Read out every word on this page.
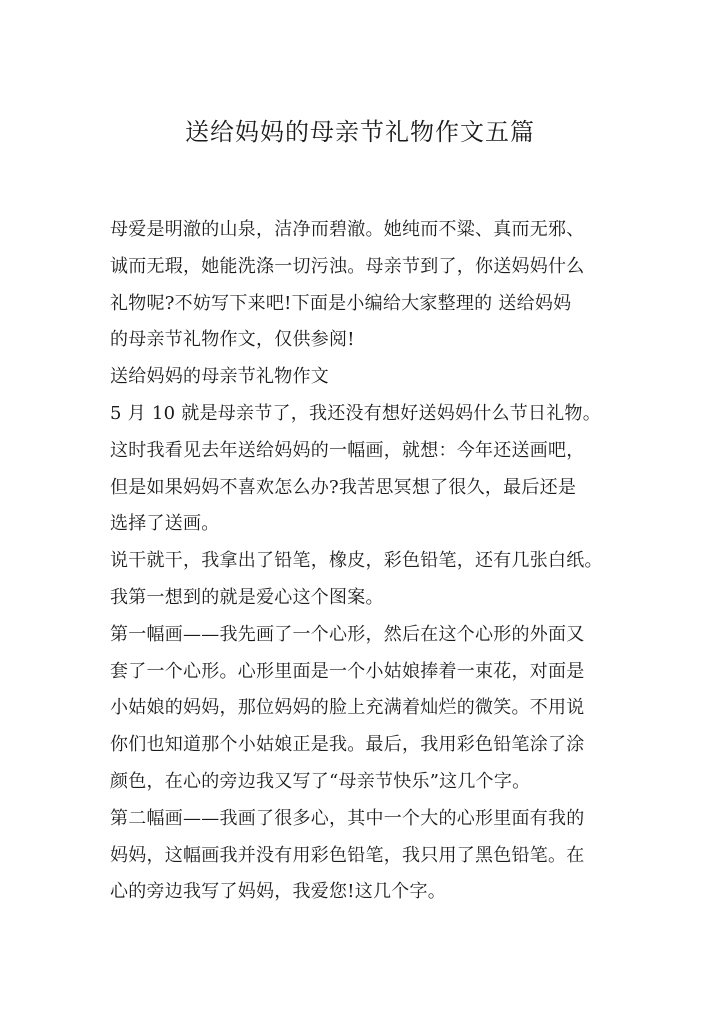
送给妈妈的母亲节礼物作文五篇
母爱是明澈的山泉，洁净而碧澈。她纯而不粱、真而无邪、
诚而无瑕，她能洗涤一切污浊。母亲节到了，你送妈妈什么
礼物呢?不妨写下来吧!下面是小编给大家整理的 送给妈妈
的母亲节礼物作文，仅供参阅!
送给妈妈的母亲节礼物作文
5 月 10 就是母亲节了，我还没有想好送妈妈什么节日礼物。
这时我看见去年送给妈妈的一幅画，就想：今年还送画吧，
但是如果妈妈不喜欢怎么办?我苦思冥想了很久，最后还是
选择了送画。
说干就干，我拿出了铅笔，橡皮，彩色铅笔，还有几张白纸。
我第一想到的就是爱心这个图案。
第一幅画——我先画了一个心形，然后在这个心形的外面又
套了一个心形。心形里面是一个小姑娘捧着一束花，对面是
小姑娘的妈妈，那位妈妈的脸上充满着灿烂的微笑。不用说
你们也知道那个小姑娘正是我。最后，我用彩色铅笔涂了涂
颜色，在心的旁边我又写了“母亲节快乐”这几个字。
第二幅画——我画了很多心，其中一个大的心形里面有我的
妈妈，这幅画我并没有用彩色铅笔，我只用了黑色铅笔。在
心的旁边我写了妈妈，我爱您!这几个字。
